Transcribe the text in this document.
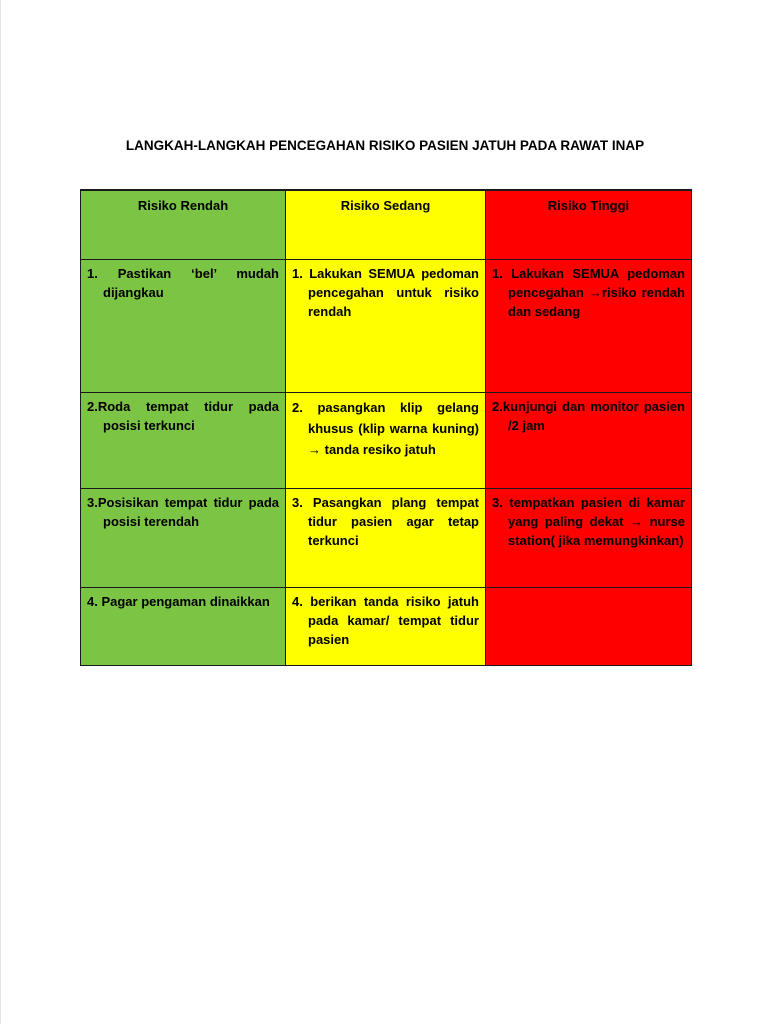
LANGKAH-LANGKAH PENCEGAHAN RISIKO PASIEN JATUH PADA RAWAT INAP
Risiko Rendah	Risiko Sedang	Risiko Tinggi

1. Pastikan ‘bel’ mudah dijangkau	1. Lakukan SEMUA pedoman pencegahan untuk risiko rendah	1. Lakukan SEMUA pedoman pencegahan →risiko rendah dan sedang

2.Roda tempat tidur pada posisi terkunci	2. pasangkan klip gelang khusus (klip warna kuning) → tanda resiko jatuh	2.kunjungi dan monitor pasien /2 jam

3.Posisikan tempat tidur pada posisi terendah	3. Pasangkan plang tempat tidur pasien agar tetap terkunci	3. tempatkan pasien di kamar yang paling dekat → nurse station( jika memungkinkan)

4. Pagar pengaman dinaikkan	4. berikan tanda risiko jatuh pada kamar/ tempat tidur pasien	
